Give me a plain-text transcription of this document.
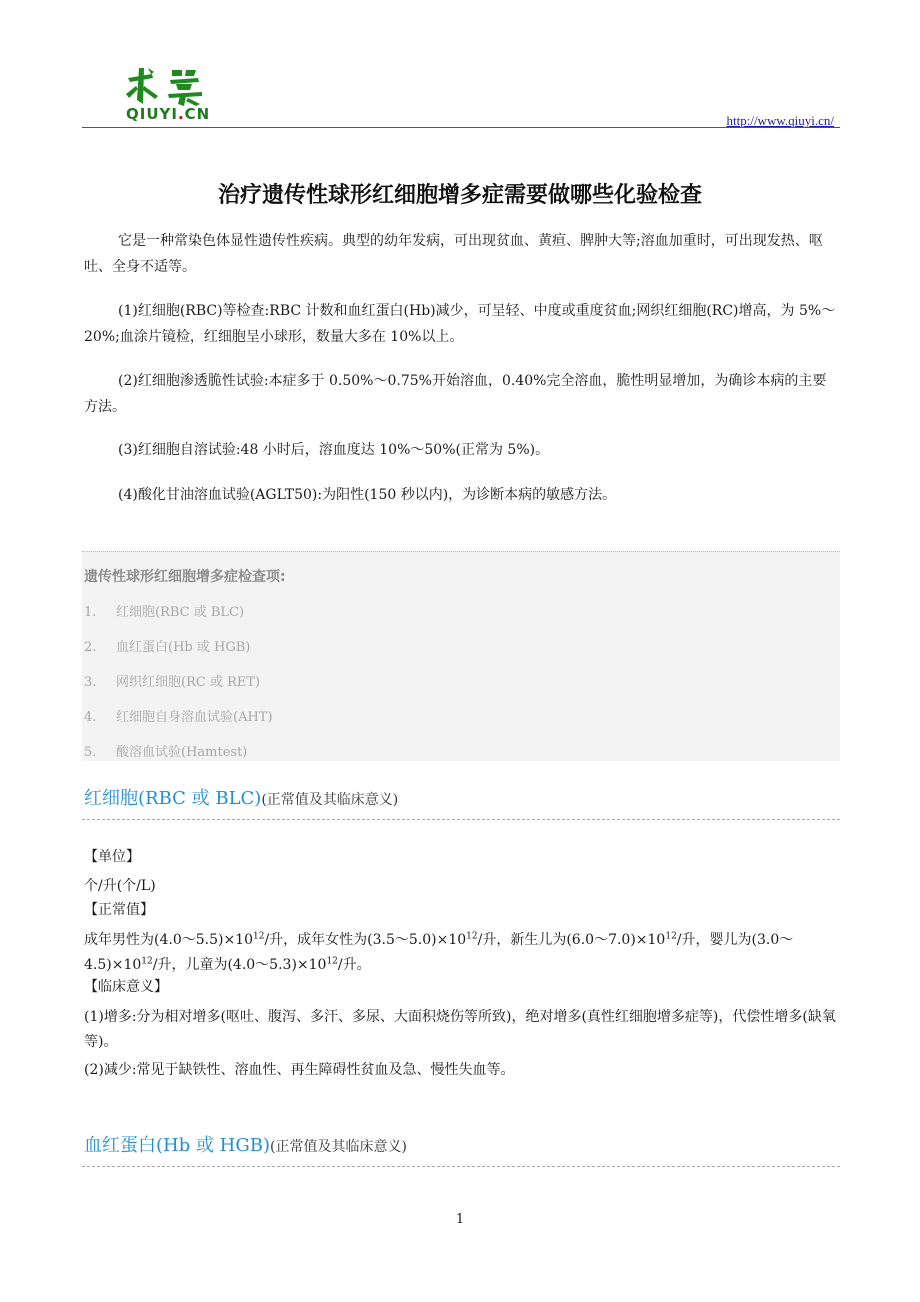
QIUYI.CN	http://www.qiuyi.cn/
治疗遗传性球形红细胞增多症需要做哪些化验检查
它是一种常染色体显性遗传性疾病。典型的幼年发病，可出现贫血、黄疸、脾肿大等;溶血加重时，可出现发热、呕吐、全身不适等。
(1)红细胞(RBC)等检查:RBC 计数和血红蛋白(Hb)减少，可呈轻、中度或重度贫血;网织红细胞(RC)增高，为 5%～20%;血涂片镜检，红细胞呈小球形，数量大多在 10%以上。
(2)红细胞渗透脆性试验:本症多于 0.50%～0.75%开始溶血，0.40%完全溶血，脆性明显增加，为确诊本病的主要方法。
(3)红细胞自溶试验:48 小时后，溶血度达 10%～50%(正常为 5%)。
(4)酸化甘油溶血试验(AGLT50):为阳性(150 秒以内)，为诊断本病的敏感方法。
遗传性球形红细胞增多症检查项:
1. 红细胞(RBC 或 BLC)
2. 血红蛋白(Hb 或 HGB)
3. 网织红细胞(RC 或 RET)
4. 红细胞自身溶血试验(AHT)
5. 酸溶血试验(Hamtest)
红细胞(RBC 或 BLC)(正常值及其临床意义)
【单位】
个/升(个/L)
【正常值】
成年男性为$(4.0\sim 5.5)\times 10^{12}/$升，成年女性为$(3.5\sim 5.0)\times 10^{12}/$升，新生儿为$(6.0\sim 7.0)\times 10^{12}/$升，婴儿为$(3.0\sim 4.5)\times 10^{12}/$升，儿童为$(4.0\sim 5.3)\times 10^{12}/$升。
【临床意义】
(1)增多:分为相对增多(呕吐、腹泻、多汗、多尿、大面积烧伤等所致)，绝对增多(真性红细胞增多症等)，代偿性增多(缺氧等)。
(2)减少:常见于缺铁性、溶血性、再生障碍性贫血及急、慢性失血等。
血红蛋白(Hb 或 HGB)(正常值及其临床意义)
1
